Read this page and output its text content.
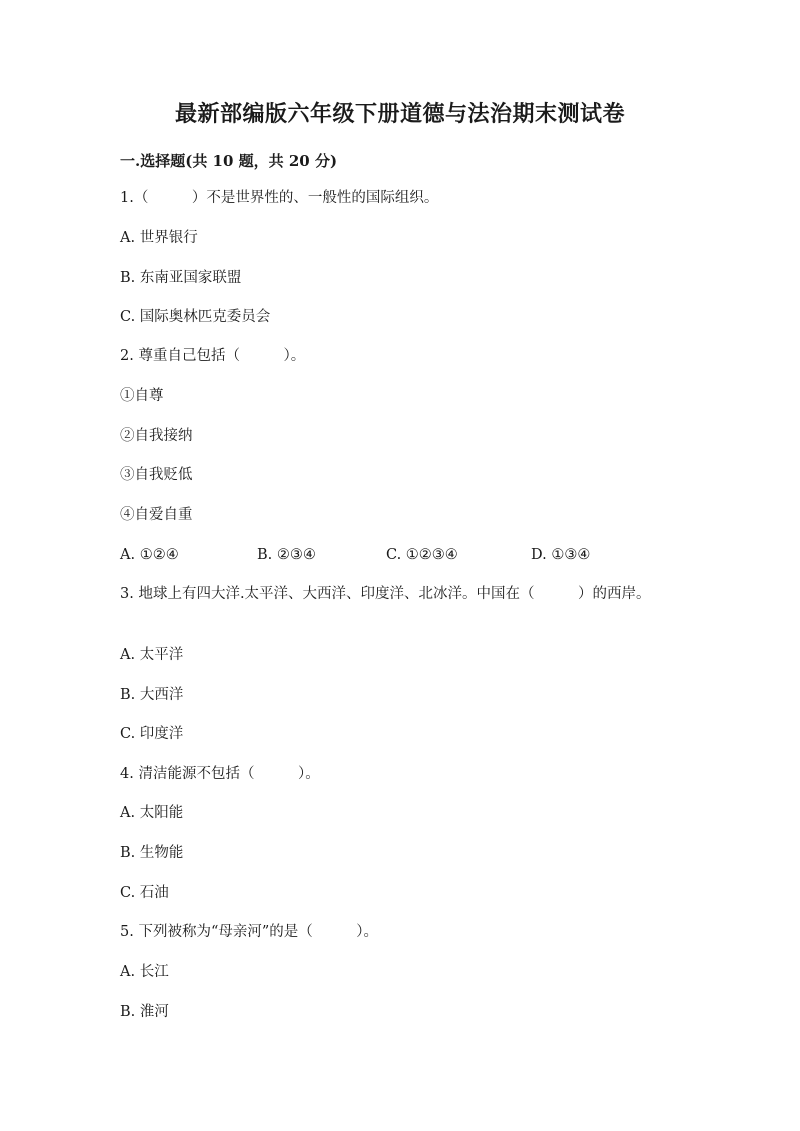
最新部编版六年级下册道德与法治期末测试卷
一.选择题(共 10 题，共 20 分)
1.（　　　）不是世界性的、一般性的国际组织。
A. 世界银行
B. 东南亚国家联盟
C. 国际奥林匹克委员会
2. 尊重自己包括（　　　）。
①自尊
②自我接纳
③自我贬低
④自爱自重
A. ①②④	B. ②③④	C. ①②③④	D. ①③④
3. 地球上有四大洋.太平洋、大西洋、印度洋、北冰洋。中国在（　　　）的西岸。
A. 太平洋
B. 大西洋
C. 印度洋
4. 清洁能源不包括（　　　）。
A. 太阳能
B. 生物能
C. 石油
5. 下列被称为“母亲河”的是（　　　）。
A. 长江
B. 淮河
